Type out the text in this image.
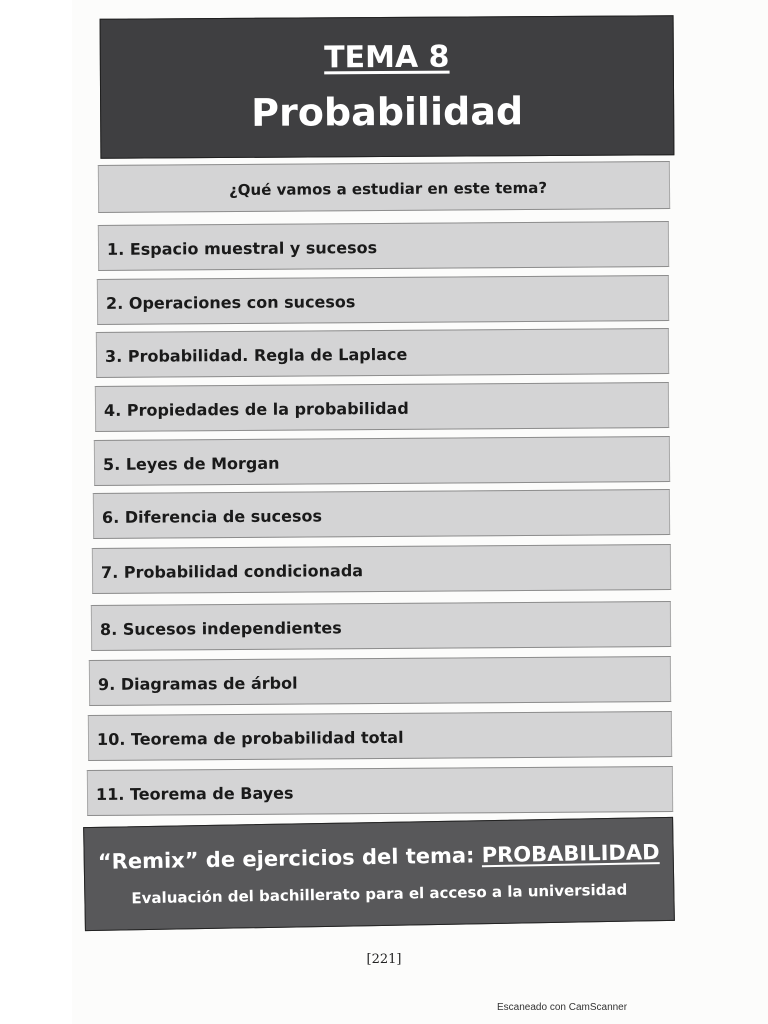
TEMA 8
Probabilidad
¿Qué vamos a estudiar en este tema?
1. Espacio muestral y sucesos
2. Operaciones con sucesos
3. Probabilidad. Regla de Laplace
4. Propiedades de la probabilidad
5. Leyes de Morgan
6. Diferencia de sucesos
7. Probabilidad condicionada
8. Sucesos independientes
9. Diagramas de árbol
10. Teorema de probabilidad total
11. Teorema de Bayes
“Remix” de ejercicios del tema: PROBABILIDAD
Evaluación del bachillerato para el acceso a la universidad
[221]
Escaneado con CamScanner
